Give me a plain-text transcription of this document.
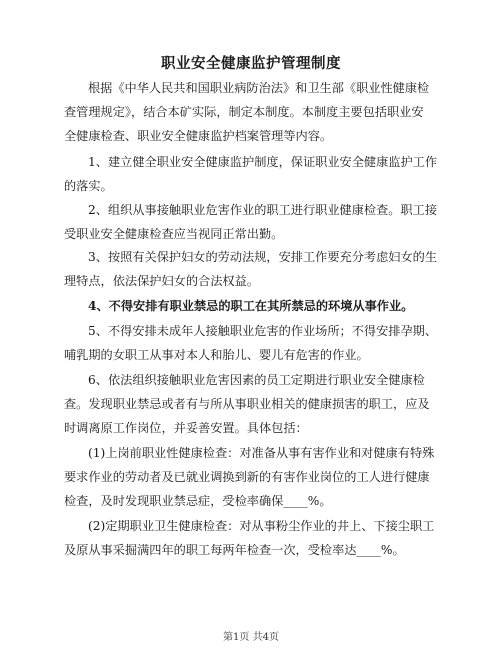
职业安全健康监护管理制度
根据《中华人民共和国职业病防治法》和卫生部《职业性健康检
查管理规定》，结合本矿实际，制定本制度。本制度主要包括职业安
全健康检查、职业安全健康监护档案管理等内容。
1、建立健全职业安全健康监护制度，保证职业安全健康监护工作
的落实。
2、组织从事接触职业危害作业的职工进行职业健康检查。职工接
受职业安全健康检查应当视同正常出勤。
3、按照有关保护妇女的劳动法规，安排工作要充分考虑妇女的生
理特点，依法保护妇女的合法权益。
4、不得安排有职业禁忌的职工在其所禁忌的环境从事作业。
5、不得安排未成年人接触职业危害的作业场所；不得安排孕期、
哺乳期的女职工从事对本人和胎儿、婴儿有危害的作业。
6、依法组织接触职业危害因素的员工定期进行职业安全健康检
查。发现职业禁忌或者有与所从事职业相关的健康损害的职工，应及
时调离原工作岗位，并妥善安置。具体包括：
(1)上岗前职业性健康检查：对准备从事有害作业和对健康有特殊
要求作业的劳动者及已就业调换到新的有害作业岗位的工人进行健康
检查，及时发现职业禁忌症，受检率确保____%。
(2)定期职业卫生健康检查：对从事粉尘作业的井上、下接尘职工
及原从事采掘满四年的职工每两年检查一次，受检率达____%。
第1页 共4页
